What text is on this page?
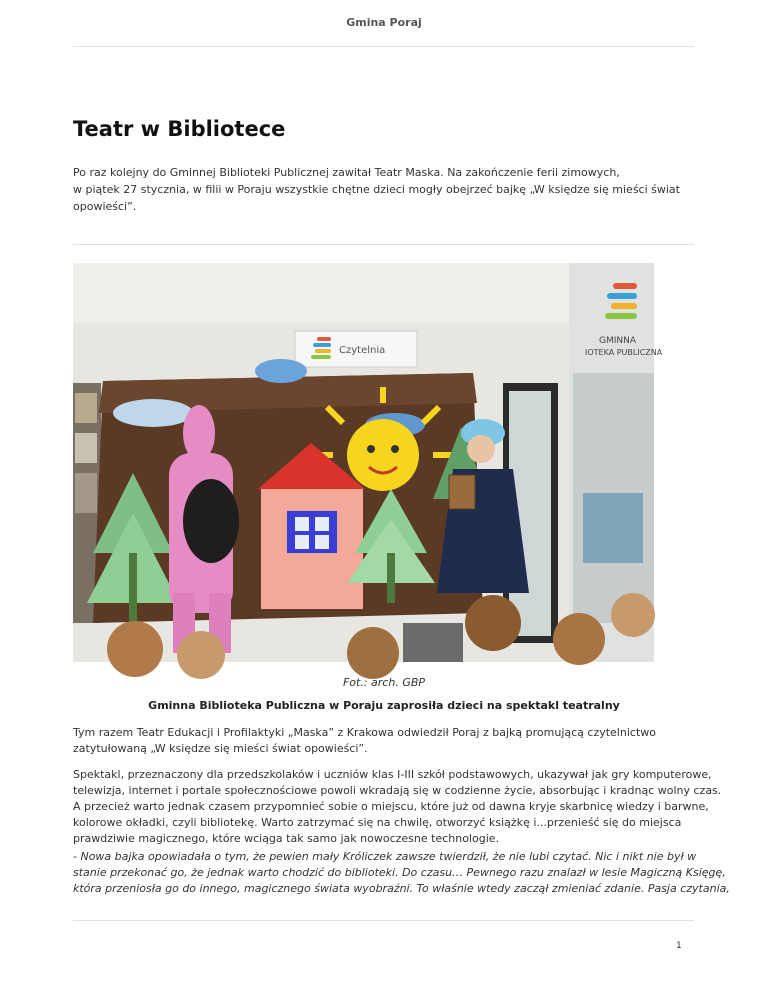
Gmina Poraj
Teatr w Bibliotece

Po raz kolejny do Gminnej Biblioteki Publicznej zawitał Teatr Maska. Na zakończenie ferii zimowych,
w piątek 27 stycznia, w filii w Poraju wszystkie chętne dzieci mogły obejrzeć bajkę „W księdze się mieści świat
opowieści”.

GMINNA
IOTEKA PUBLICZNA
Czytelnia
Fot.: arch. GBP
Gminna Biblioteka Publiczna w Poraju zaprosiła dzieci na spektakl teatralny

Tym razem Teatr Edukacji i Profilaktyki „Maska” z Krakowa odwiedził Poraj z bajką promującą czytelnictwo
zatytułowaną „W księdze się mieści świat opowieści”.

Spektakl, przeznaczony dla przedszkolaków i uczniów klas I-III szkół podstawowych, ukazywał jak gry komputerowe,
telewizja, internet i portale społecznościowe powoli wkradają się w codzienne życie, absorbując i kradnąc wolny czas.
A przecież warto jednak czasem przypomnieć sobie o miejscu, które już od dawna kryje skarbnicę wiedzy i barwne,
kolorowe okładki, czyli bibliotekę. Warto zatrzymać się na chwilę, otworzyć książkę i...przenieść się do miejsca
prawdziwie magicznego, które wciąga tak samo jak nowoczesne technologie.

- Nowa bajka opowiadała o tym, że pewien mały Króliczek zawsze twierdził, że nie lubi czytać. Nic i nikt nie był w
stanie przekonać go, że jednak warto chodzić do biblioteki. Do czasu… Pewnego razu znalazł w lesie Magiczną Księgę,
która przeniosła go do innego, magicznego świata wyobraźni. To właśnie wtedy zaczął zmieniać zdanie. Pasja czytania,

1
